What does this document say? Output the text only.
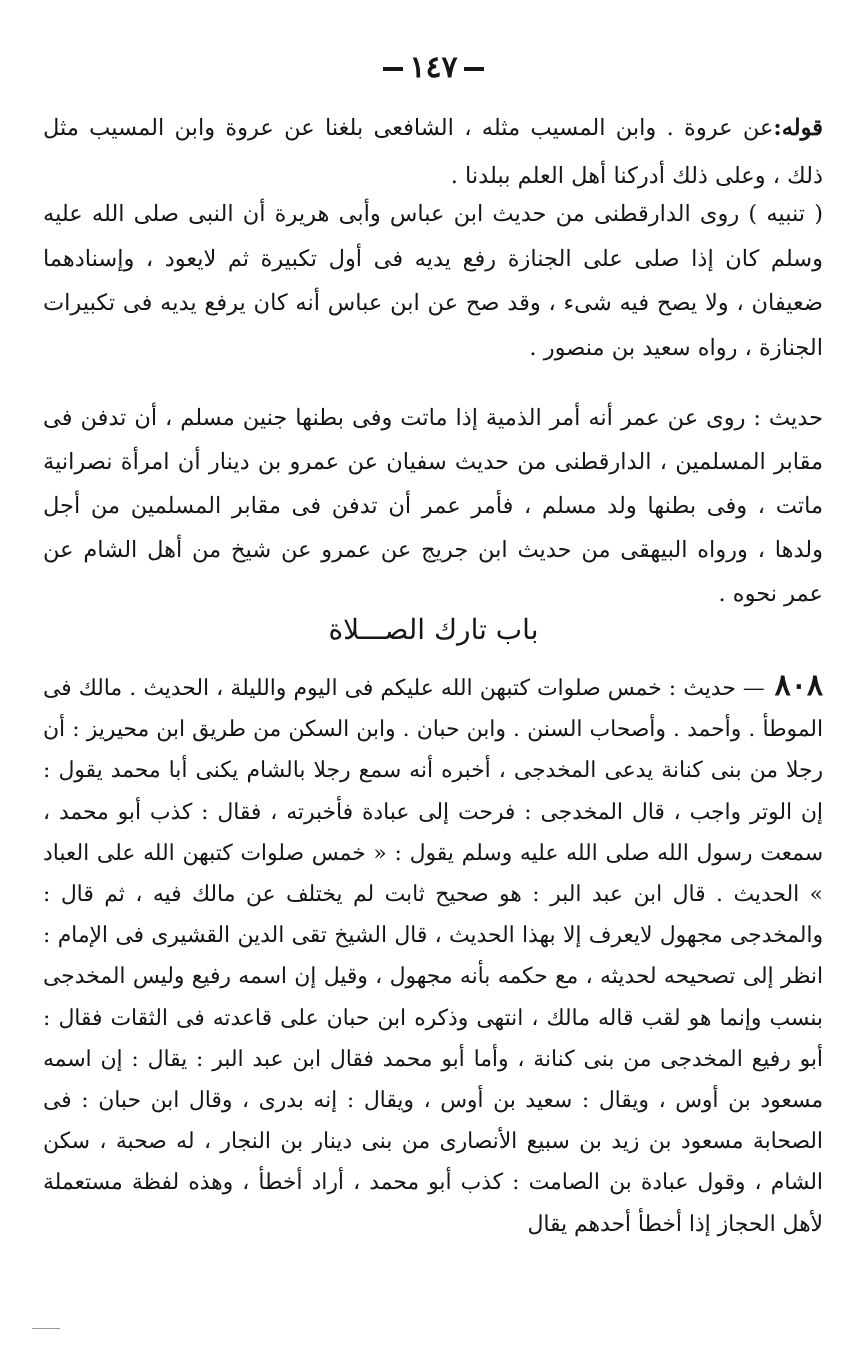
١٤٧

قوله:عن عروة . وابن المسيب مثله ، الشافعى بلغنا عن عروة وابن المسيب مثل ذلك ، وعلى ذلك أدركنا أهل العلم ببلدنا .

( تنبيه ) روى الدارقطنى من حديث ابن عباس وأبى هريرة أن النبى صلى الله عليه وسلم كان إذا صلى على الجنازة رفع يديه فى أول تكبيرة ثم لايعود ، وإسنادهما ضعيفان ، ولا يصح فيه شىء ، وقد صح عن ابن عباس أنه كان يرفع يديه فى تكبيرات الجنازة ، رواه سعيد بن منصور .

حديث : روى عن عمر أنه أمر الذمية إذا ماتت وفى بطنها جنين مسلم ، أن تدفن فى مقابر المسلمين ، الدارقطنى من حديث سفيان عن عمرو بن دينار أن امرأة نصرانية ماتت ، وفى بطنها ولد مسلم ، فأمر عمر أن تدفن فى مقابر المسلمين من أجل ولدها ، ورواه البيهقى من حديث ابن جريج عن عمرو عن شيخ من أهل الشام عن عمر نحوه .

باب تارك الصـــلاة

٨٠٨— حديث : خمس صلوات كتبهن الله عليكم فى اليوم والليلة ، الحديث . مالك فى الموطأ . وأحمد . وأصحاب السنن . وابن حبان . وابن السكن من طريق ابن محيريز : أن رجلا من بنى كنانة يدعى المخدجى ، أخبره أنه سمع رجلا بالشام يكنى أبا محمد يقول : إن الوتر واجب ، قال المخدجى : فرحت إلى عبادة فأخبرته ، فقال : كذب أبو محمد ، سمعت رسول الله صلى الله عليه وسلم يقول : « خمس صلوات كتبهن الله على العباد » الحديث . قال ابن عبد البر : هو صحيح ثابت لم يختلف عن مالك فيه ، ثم قال : والمخدجى مجهول لايعرف إلا بهذا الحديث ، قال الشيخ تقى الدين القشيرى فى الإمام : انظر إلى تصحيحه لحديثه ، مع حكمه بأنه مجهول ، وقيل إن اسمه رفيع وليس المخدجى بنسب وإنما هو لقب قاله مالك ، انتهى وذكره ابن حبان على قاعدته فى الثقات فقال : أبو رفيع المخدجى من بنى كنانة ، وأما أبو محمد فقال ابن عبد البر : يقال : إن اسمه مسعود بن أوس ، ويقال : سعيد بن أوس ، ويقال : إنه بدرى ، وقال ابن حبان : فى الصحابة مسعود بن زيد بن سبيع الأنصارى من بنى دينار بن النجار ، له صحبة ، سكن الشام ، وقول عبادة بن الصامت : كذب أبو محمد ، أراد أخطأ ، وهذه لفظة مستعملة لأهل الحجاز إذا أخطأ أحدهم يقال
